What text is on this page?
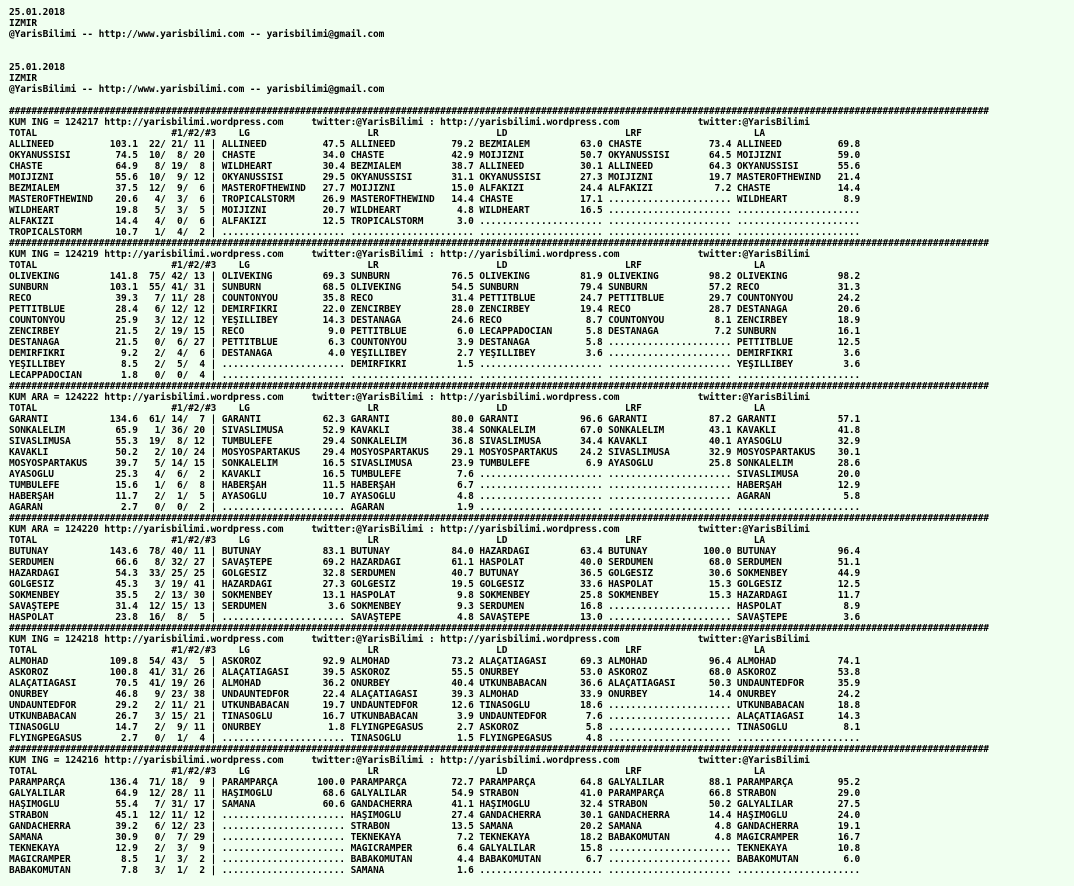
25.01.2018
IZMIR
@YarisBilimi -- http://www.yarisbilimi.com -- yarisbilimi@gmail.com

25.01.2018
IZMIR
@YarisBilimi -- http://www.yarisbilimi.com -- yarisbilimi@gmail.com

###############################################################################################################################################################################
KUM ING = 124217 http://yarisbilimi.wordpress.com     twitter:@YarisBilimi : http://yarisbilimi.wordpress.com              twitter:@YarisBilimi
TOTAL                        #1/#2/#3    LG                     LR                     LD                     LRF                    LA
ALLINEED          103.1  22/ 21/ 11 | ALLINEED          47.5 ALLINEED          79.2 BEZMİALEM         63.0 CHASTE            73.4 ALLINEED          69.8
OKYANUSSİSİ        74.5  10/  8/ 20 | CHASTE            34.0 CHASTE            42.9 MOIJIZNI          50.7 OKYANUSSİSİ       64.5 MOIJIZNI          59.0
CHASTE             64.9   8/ 19/  8 | WILDHEART         30.4 BEZMİALEM         38.7 ALLINEED          30.1 ALLINEED          64.3 OKYANUSSİSİ       55.6
MOIJIZNI           55.6  10/  9/ 12 | OKYANUSSİSİ       29.5 OKYANUSSİSİ       31.1 OKYANUSSİSİ       27.3 MOIJIZNI          19.7 MASTEROFTHEWIND   21.4
BEZMİALEM          37.5  12/  9/  6 | MASTEROFTHEWIND   27.7 MOIJIZNI          15.0 ALFAKIZI          24.4 ALFAKIZI           7.2 CHASTE            14.4
MASTEROFTHEWIND    20.6   4/  3/  6 | TROPICALSTORM     26.9 MASTEROFTHEWIND   14.4 CHASTE            17.1 ...................... WILDHEART          8.9
WILDHEART          19.8   5/  3/  5 | MOIJIZNI          20.7 WILDHEART          4.8 WILDHEART         16.5 ...................... ......................
ALFAKIZI           14.4   4/  0/  6 | ALFAKIZI          12.5 TROPICALSTORM      3.0 ...................... ...................... ......................
TROPICALSTORM      10.7   1/  4/  2 | ...................... ...................... ...................... ...................... ......................
###############################################################################################################################################################################
KUM ING = 124219 http://yarisbilimi.wordpress.com     twitter:@YarisBilimi : http://yarisbilimi.wordpress.com              twitter:@YarisBilimi
TOTAL                        #1/#2/#3    LG                     LR                     LD                     LRF                    LA
OLIVEKING         141.8  75/ 42/ 13 | OLIVEKING         69.3 SUNBURN           76.5 OLIVEKING         81.9 OLIVEKING         98.2 OLIVEKING         98.2
SUNBURN           103.1  55/ 41/ 31 | SUNBURN           68.5 OLIVEKING         54.5 SUNBURN           79.4 SUNBURN           57.2 RECO              31.3
RECO               39.3   7/ 11/ 28 | COUNTONYOU        35.8 RECO              31.4 PETTITBLUE        24.7 PETTITBLUE        29.7 COUNTONYOU        24.2
PETTITBLUE         28.4   6/ 12/ 12 | DEMİRFIKRİ        22.0 ZENCİRBEY         28.0 ZENCİRBEY         19.4 RECO              28.7 DESTANAGA         20.6
COUNTONYOU         25.9   3/ 12/ 12 | YEŞİLLİBEY        14.3 DESTANAGA         24.6 RECO               8.7 COUNTONYOU         8.1 ZENCİRBEY         18.9
ZENCİRBEY          21.5   2/ 19/ 15 | RECO               9.0 PETTITBLUE         6.0 LECAPPADOCIAN      5.8 DESTANAGA          7.2 SUNBURN           16.1
DESTANAGA          21.5   0/  6/ 27 | PETTITBLUE         6.3 COUNTONYOU         3.9 DESTANAGA          5.8 ...................... PETTITBLUE        12.5
DEMİRFIKRİ          9.2   2/  4/  6 | DESTANAGA          4.0 YEŞİLLİBEY         2.7 YEŞİLLİBEY         3.6 ...................... DEMİRFIKRİ         3.6
YEŞİLLİBEY          8.5   2/  5/  4 | ...................... DEMİRFIKRİ         1.5 ...................... ...................... YEŞİLLİBEY         3.6
LECAPPADOCIAN       1.8   0/  0/  4 | ...................... ...................... ...................... ...................... ......................
###############################################################################################################################################################################
KUM ARA = 124222 http://yarisbilimi.wordpress.com     twitter:@YarisBilimi : http://yarisbilimi.wordpress.com              twitter:@YarisBilimi
TOTAL                        #1/#2/#3    LG                     LR                     LD                     LRF                    LA
GARANTİ           134.6  61/ 14/  7 | GARANTİ           62.3 GARANTİ           80.0 GARANTİ           96.6 GARANTİ           87.2 GARANTİ           57.1
SONKALELİM         65.9   1/ 36/ 20 | SİVASLIMUSA       52.9 KAVAKLI           38.4 SONKALELİM        67.0 SONKALELİM        43.1 KAVAKLI           41.8
SİVASLIMUSA        55.3  19/  8/ 12 | TUMBULEFE         29.4 SONKALELİM        36.8 SİVASLIMUSA       34.4 KAVAKLI           40.1 AYASOĞLU          32.9
KAVAKLI            50.2   2/ 10/ 24 | MOSYOSPARTAKÜS    29.4 MOSYOSPARTAKÜS    29.1 MOSYOSPARTAKÜS    24.2 SİVASLIMUSA       32.9 MOSYOSPARTAKÜS    30.1
MOSYOSPARTAKÜS     39.7   5/ 14/ 15 | SONKALELİM        16.5 SİVASLIMUSA       23.9 TUMBULEFE          6.9 AYASOĞLU          25.8 SONKALELİM        28.6
AYASOĞLU           25.3   4/  6/  2 | KAVAKLI           16.5 TUMBULEFE          7.6 ...................... ...................... SİVASLIMUSA       20.0
TUMBULEFE          15.6   1/  6/  8 | HABERŞAH          11.5 HABERŞAH           6.7 ...................... ...................... HABERŞAH          12.9
HABERŞAH           11.7   2/  1/  5 | AYASOĞLU          10.7 AYASOĞLU           4.8 ...................... ...................... AGARAN             5.8
AGARAN              2.7   0/  0/  2 | ...................... AGARAN             1.9 ...................... ...................... ......................
###############################################################################################################################################################################
KUM ARA = 124220 http://yarisbilimi.wordpress.com     twitter:@YarisBilimi : http://yarisbilimi.wordpress.com              twitter:@YarisBilimi
TOTAL                        #1/#2/#3    LG                     LR                     LD                     LRF                    LA
BUTUNAY           143.6  78/ 40/ 11 | BUTUNAY           83.1 BUTUNAY           84.0 HAZARDAĞI         63.4 BUTUNAY          100.0 BUTUNAY           96.4
SERDUMEN           66.6   8/ 32/ 27 | SAVAŞTEPE         69.2 HAZARDAĞI         61.1 HASPOLAT          40.0 SERDUMEN          68.0 SERDUMEN          51.1
HAZARDAĞI          54.3  33/ 25/ 25 | GOLGESIZ          32.8 SERDUMEN          40.7 BUTUNAY           36.5 GOLGESIZ          30.6 SOKMENBEY         44.9
GOLGESIZ           45.3   3/ 19/ 41 | HAZARDAĞI         27.3 GOLGESIZ          19.5 GOLGESIZ          33.6 HASPOLAT          15.3 GOLGESIZ          12.5
SOKMENBEY          35.5   2/ 13/ 30 | SOKMENBEY         13.1 HASPOLAT           9.8 SOKMENBEY         25.8 SOKMENBEY         15.3 HAZARDAĞI         11.7
SAVAŞTEPE          31.4  12/ 15/ 13 | SERDUMEN           3.6 SOKMENBEY          9.3 SERDUMEN          16.8 ...................... HASPOLAT           8.9
HASPOLAT           23.8  16/  8/  5 | ...................... SAVAŞTEPE          4.8 SAVAŞTEPE         13.0 ...................... SAVAŞTEPE          3.6
###############################################################################################################################################################################
KUM ING = 124218 http://yarisbilimi.wordpress.com     twitter:@YarisBilimi : http://yarisbilimi.wordpress.com              twitter:@YarisBilimi
TOTAL                        #1/#2/#3    LG                     LR                     LD                     LRF                    LA
ALMOHAD           109.8  54/ 43/  5 | ASKOROZ           92.9 ALMOHAD           73.2 ALAÇATIAĞASI      69.3 ALMOHAD           96.4 ALMOHAD           74.1
ASKOROZ           100.8  41/ 31/ 26 | ALAÇATIAĞASI      39.5 ASKOROZ           55.5 ONURBEY           53.0 ASKOROZ           68.0 ASKOROZ           53.8
ALAÇATIAĞASI       70.5  41/ 19/ 26 | ALMOHAD           36.2 ONURBEY           40.4 UTKUNBABACAN      36.6 ALAÇATIAĞASI      50.3 UNDAUNTEDFOR      35.9
ONURBEY            46.8   9/ 23/ 38 | UNDAUNTEDFOR      22.4 ALAÇATIAĞASI      39.3 ALMOHAD           33.9 ONURBEY           14.4 ONURBEY           24.2
UNDAUNTEDFOR       29.2   2/ 11/ 21 | UTKUNBABACAN      19.7 UNDAUNTEDFOR      12.6 TINASOGLU         18.6 ...................... UTKUNBABACAN      18.8
UTKUNBABACAN       26.7   3/ 15/ 21 | TINASOGLU         16.7 UTKUNBABACAN       3.9 UNDAUNTEDFOR       7.6 ...................... ALAÇATIAĞASI      14.3
TINASOGLU          14.7   2/  9/ 11 | ONURBEY            1.8 FLYINGPEGASUS      2.7 ASKOROZ            5.8 ...................... TINASOGLU          8.1
FLYINGPEGASUS       2.7   0/  1/  4 | ...................... TINASOGLU          1.5 FLYINGPEGASUS      4.8 ...................... ......................
###############################################################################################################################################################################
KUM ING = 124216 http://yarisbilimi.wordpress.com     twitter:@YarisBilimi : http://yarisbilimi.wordpress.com              twitter:@YarisBilimi
TOTAL                        #1/#2/#3    LG                     LR                     LD                     LRF                    LA
PARAMPARÇA        136.4  71/ 18/  9 | PARAMPARÇA       100.0 PARAMPARÇA        72.7 PARAMPARÇA        64.8 GALYALILAR        88.1 PARAMPARÇA        95.2
GALYALILAR         64.9  12/ 28/ 11 | HAŞIMOGLU         68.6 GALYALILAR        54.9 STRABON           41.0 PARAMPARÇA        66.8 STRABON           29.0
HAŞIMOGLU          55.4   7/ 31/ 17 | SAMANA            60.6 GANDACHERRA       41.1 HAŞIMOGLU         32.4 STRABON           50.2 GALYALILAR        27.5
STRABON            45.1  12/ 11/ 12 | ...................... HAŞIMOGLU         27.4 GANDACHERRA       30.1 GANDACHERRA       14.4 HAŞIMOGLU         24.0
GANDACHERRA        39.2   6/ 12/ 23 | ...................... STRABON           13.5 SAMANA            20.2 SAMANA             4.8 GANDACHERRA       19.1
SAMANA             30.9   0/  7/ 29 | ...................... TEKNEKAYA          7.2 TEKNEKAYA         18.2 BABAKOMUTAN        4.8 MAGICRAMPER       16.7
TEKNEKAYA          12.9   2/  3/  9 | ...................... MAGICRAMPER        6.4 GALYALILAR        15.8 ...................... TEKNEKAYA         10.8
MAGICRAMPER         8.5   1/  3/  2 | ...................... BABAKOMUTAN        4.4 BABAKOMUTAN        6.7 ...................... BABAKOMUTAN        6.0
BABAKOMUTAN         7.8   3/  1/  2 | ...................... SAMANA             1.6 ...................... ...................... ......................
